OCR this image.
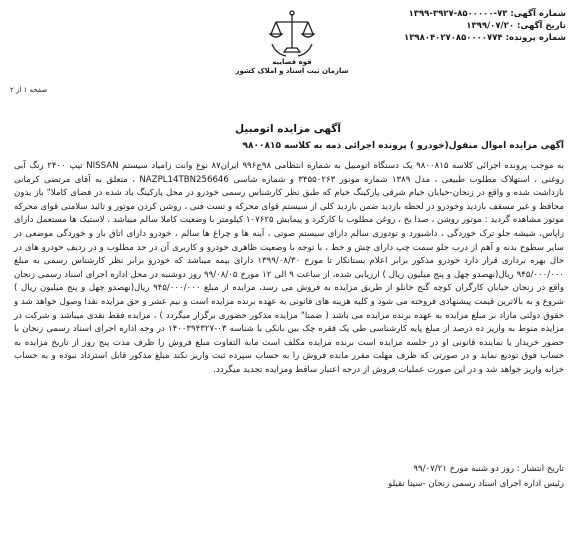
قوه قضاییه
سازمان ثبت اسناد و املاک کشور
شماره آگهی: ۷۳-۸۵۰۰۰۰۰-۳۹۲۷-۱۳۹۹
تاریخ آگهی: ۱۳۹۹/۰۷/۲۰
شماره پرونده: ۱۳۹۸۰۴۰۲۷۰۸۵۰۰۰۰۷۷۴
صفحه ۱ از ۲
آگهی مزایده اتومبیل
آگهی مزایده اموال منقول(خودرو ) پرونده اجرائی ذمه به کلاسه ۹۸۰۰۸۱۵
به موجب پرونده اجرائی کلاسه ۹۸۰۰۸۱۵ یک دستگاه اتومبیل به شماره انتظامی ۹۸ج۹۹۶ ایران۸۷ نوع وانت زامیاد سیستم NISSAN تیپ ۲۴۰۰ رنگ آبی روغنی ، استهلاک مطلوب طبیعی ، مدل ۱۳۸۹ شماره موتور ۳۴۵۵۰۲۶۳ و شماره شاسی NAZPL14TBN256646 ، متعلق به آقای مرتضی کرمانی بازداشت شده و واقع در زنجان-خیابان خیام شرقی پارکینگ خیام که طبق نظر کارشناس رسمی خودرو در محل پارکینگ یاد شده در فضای کاملا" باز بدون محافظ و غیر مسقف بازدید وخودرو در لحظه بازدید ضمن بازدید کلی از سیستم قوای محرکه و تست فنی ، روشن کردن موتور و تائید سلامتی قوای محرکه موتور مشاهده گردید : موتور روشن ، صدا یخ ، روغن مطلوب با کارکرد و پیمایش ۱۰۷۶۲۵ کیلومتر با وضعیت کاملا سالم میباشد ، لاستیک ها مستعمل دارای زاپاس، شیشه جلو ترک خوردگی ، داشبورد و تودوزی سالم دارای سیستم صوتی ، آینه ها و چراغ ها سالم ، خودرو دارای اتاق بار و خوردگی موضعی در سایر سطوح بدنه و آهم از درب جلو سمت چپ دارای چش و خط ، با توجه با وضعیت ظاهری خودرو و کاربری آن در حد مطلوب و در ردیف خودرو های در حال بهره برداری قرار دارد خودرو مذکور برابر اعلام بستانکار تا مورخ ۱۳۹۹/۰۸/۳۰ دارای بیمه میباشد که خودرو برابر نظر کارشناس رسمی به مبلغ ۹۴۵/۰۰۰/۰۰۰ ریال(نهصدو چهل و پنج میلیون ریال ) ارزیابی شده، از ساعت ۹ الی ۱۲ مورخ ۹۹/۰۸/۰۵ روز دوشنبه در محل اداره اجرای اسناد رسمی زنجان واقع در زنجان خیابان کارگران کوچه گنج خانلو از طریق مزایده به فروش می رسد، مزایده از مبلغ ۹۴۵/۰۰۰/۰۰۰ ریال(نهصدو چهل و پنج میلیون ریال ) شروع و به بالاترین قیمت پیشنهادی فروخته می شود و کلیه هزینه های قانونی به عهده برنده مزایده است و نیم عشر و حق مزایده نقدا وصول خواهد شد و حقوق دولتی مازاد بر مبلغ مزایده به عهده برنده مزایده می باشد ( ضمنا" مزایده مذکور حضوری برگزار میگردد ) ، مزایده فقط نقدی میباشد و شرکت در مزایده منوط به واریز ده درصد از مبلغ پایه کارشناسی طی یک فقره چک بین بانکی با شناسه ۰۳-۱۴۰۰۳۹۴۳۲۷ در وجه اداره اجرای اسناد رسمی زنجان با حضور خریدار یا نماینده قانونی او در جلسه مزایده است برنده مزایده مکلف است مابه التفاوت مبلغ فروش را ظرف مدت پنج روز از تاریخ مزایده به حساب فوق تودیع نماید و در صورتی که ظرف مهلت مقرر مانده فروش را به حساب سپرده ثبت واریز نکند مبلغ مذکور قابل استرداد نبوده و به حساب خزانه واریز خواهد شد و در این صورت عملیات فروش از درجه اعتبار ساقط ومزایده تجدید میگردد.
تاریخ انتشار : روز دو شنبه مورخ ۹۹/۰۷/۲۱
رئیس اداره اجرای اسناد رسمی زنجان -سینا تقیلو
